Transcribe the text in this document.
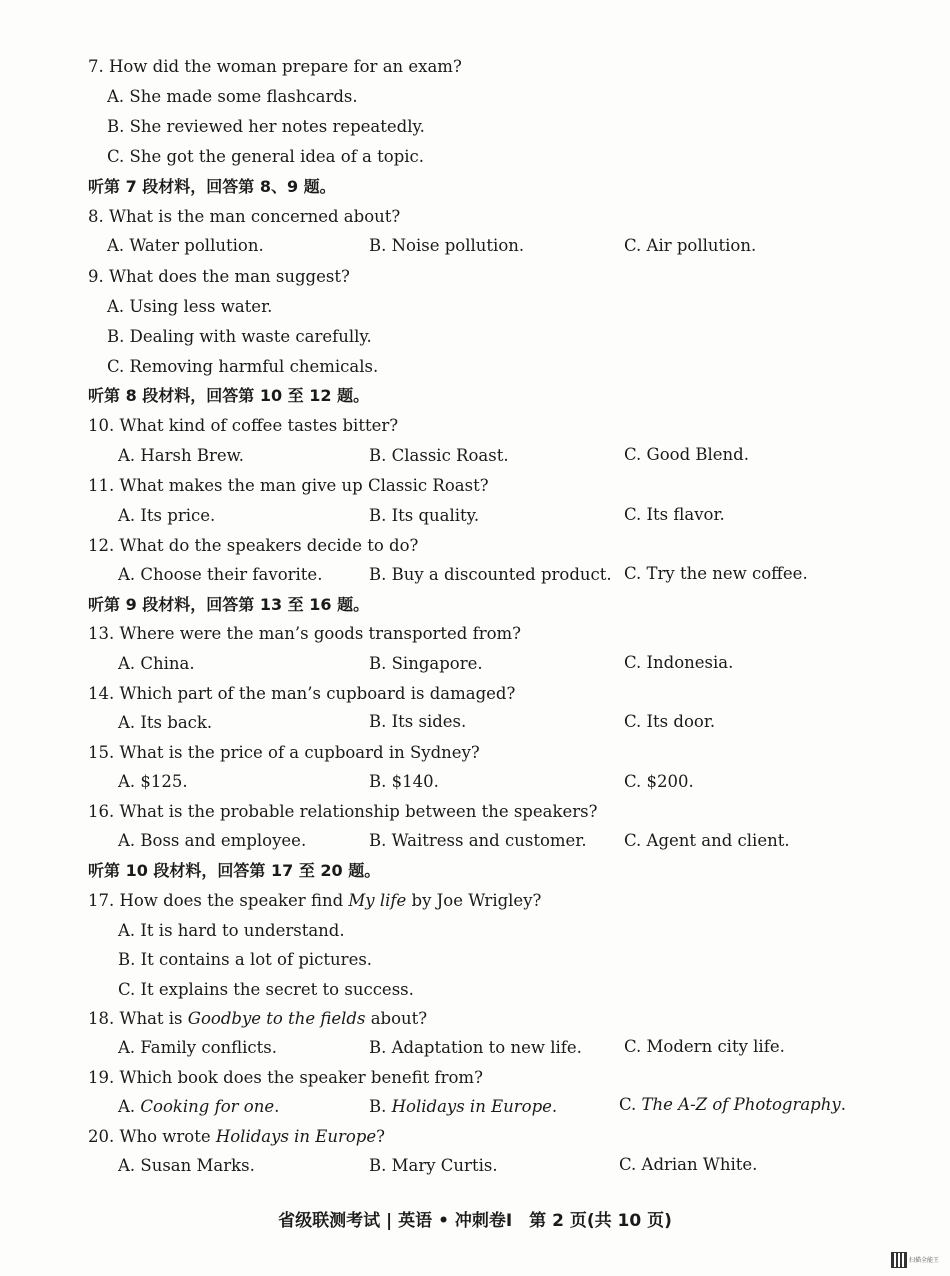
7. How did the woman prepare for an exam?
A. She made some flashcards.
B. She reviewed her notes repeatedly.
C. She got the general idea of a topic.
听第 7 段材料，回答第 8、9 题。
8. What is the man concerned about?
A. Water pollution.	B. Noise pollution.	C. Air pollution.
9. What does the man suggest?
A. Using less water.
B. Dealing with waste carefully.
C. Removing harmful chemicals.
听第 8 段材料，回答第 10 至 12 题。
10. What kind of coffee tastes bitter?
A. Harsh Brew.	B. Classic Roast.	C. Good Blend.
11. What makes the man give up Classic Roast?
A. Its price.	B. Its quality.	C. Its flavor.
12. What do the speakers decide to do?
A. Choose their favorite.	B. Buy a discounted product. C. Try the new coffee.
听第 9 段材料，回答第 13 至 16 题。
13. Where were the man’s goods transported from?
A. China.	B. Singapore.	C. Indonesia.
14. Which part of the man’s cupboard is damaged?
A. Its back.	B. Its sides.	C. Its door.
15. What is the price of a cupboard in Sydney?
A. $125.	B. $140.	C. $200.
16. What is the probable relationship between the speakers?
A. Boss and employee.	B. Waitress and customer. C. Agent and client.
听第 10 段材料，回答第 17 至 20 题。
17. How does the speaker find My life by Joe Wrigley?
A. It is hard to understand.
B. It contains a lot of pictures.
C. It explains the secret to success.
18. What is Goodbye to the fields about?
A. Family conflicts.	B. Adaptation to new life.	C. Modern city life.
19. Which book does the speaker benefit from?
A. Cooking for one.	B. Holidays in Europe.	C. The A-Z of Photography.
20. Who wrote Holidays in Europe?
A. Susan Marks.	B. Mary Curtis.	C. Adrian White.
省级联测考试 | 英语 • 冲刺卷Ⅰ　第 2 页(共 10 页)
扫描全能王
